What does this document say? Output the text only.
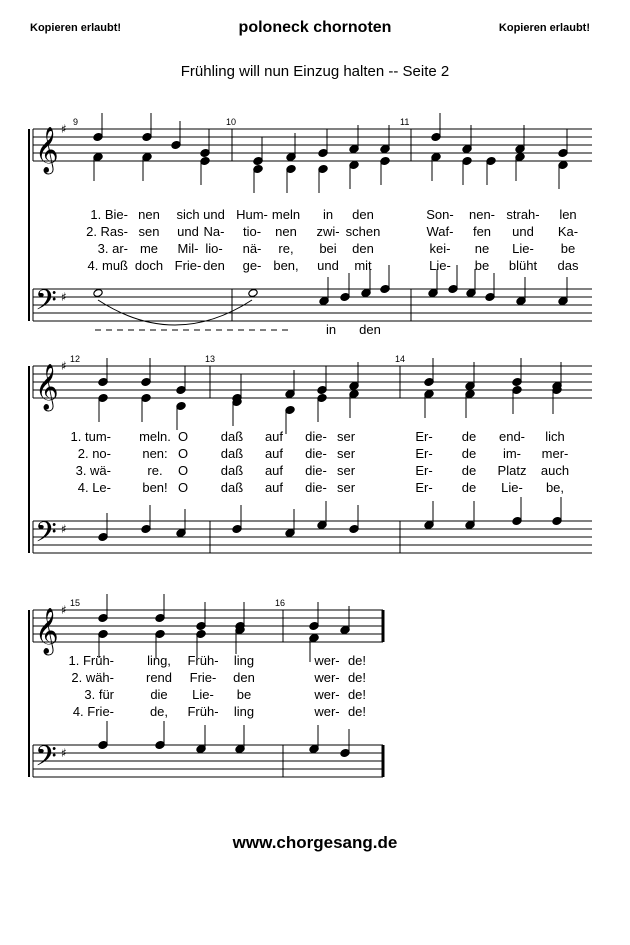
Kopieren erlaubt!	poloneck chornoten	Kopieren erlaubt!
Frühling will nun Einzug halten -- Seite 2
𝄞 ♯
𝄢 ♯
9	10	11
1. Bie- nen sich und Hum- meln in den	Son- nen- strah- len
2. Ras- sen und Na- tio- nen zwi- schen	Waf- fen und Ka-
3. ar- me Mil- lio- nä- re, bei den	kei- ne Lie- be
4. muß doch Frie- den ge- ben, und mit	Lie- be blüht das
in den
𝄞 ♯
𝄢 ♯
12	13	14
1. tum- meln. O	daß auf die- ser	Er- de end- lich
2. no- nen: O	daß auf die- ser	Er- de im- mer-
3. wä-	re. O	daß auf die- ser	Er- de Platz auch
4. Le- ben! O	daß auf die- ser	Er- de Lie- be,
𝄞 ♯
𝄢 ♯
15	16
1. Früh-	ling, Früh- ling	wer- de!
2. wäh- rend Frie- den	wer- de!
3. für	die Lie- be	wer- de!
4. Frie-	de, Früh- ling	wer- de!
www.chorgesang.de
